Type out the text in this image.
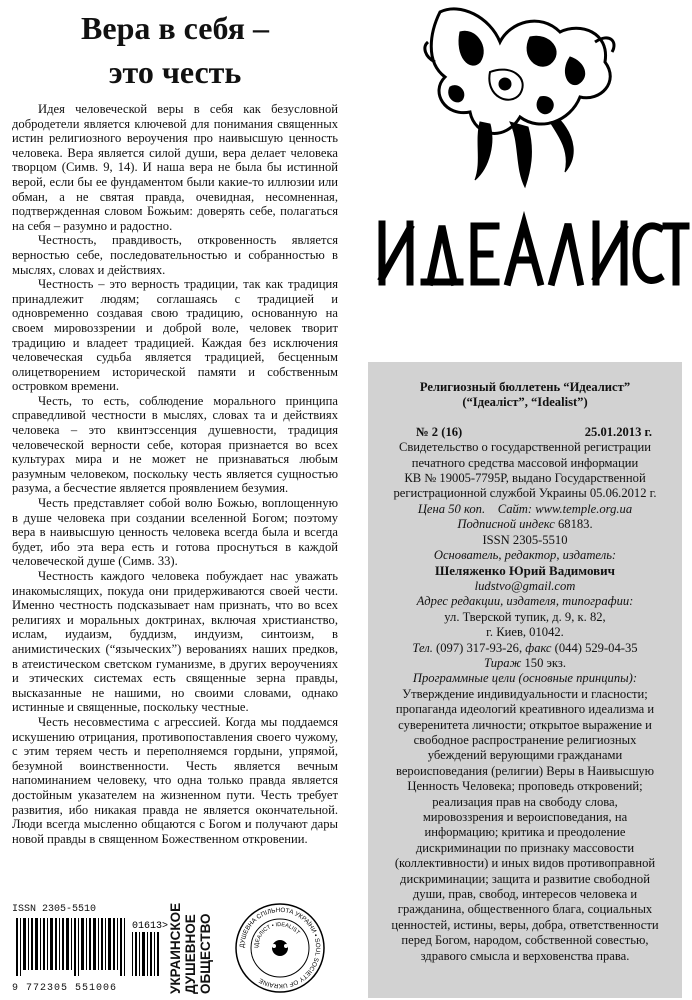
Вера в себя –
это честь

Идея человеческой веры в себя как безусловной добродетели является ключевой для понимания священных истин религиозного вероучения про наивысшую ценность человека. Вера является силой души, вера делает человека творцом (Симв. 9, 14). И наша вера не была бы истинной верой, если бы ее фундаментом были какие-то иллюзии или обман, а не святая правда, очевидная, несомненная, подтвержденная словом Божьим: доверять себе, полагаться на себя – разумно и радостно.

Честность, правдивость, откровенность является верностью себе, последовательностью и собранностью в мыслях, словах и действиях.

Честность – это верность традиции, так как традиция принадлежит людям; соглашаясь с традицией и одновременно создавая свою традицию, основанную на своем мировоззрении и доброй воле, человек творит традицию и владеет традицией. Каждая без исключения человеческая судьба является традицией, бесценным олицетворением исторической памяти и собственным островком времени.

Честь, то есть, соблюдение морального принципа справедливой честности в мыслях, словах та и действиях человека – это квинтэссенция душевности, традиция человеческой верности себе, которая признается во всех культурах мира и не может не признаваться любым разумным человеком, поскольку честь является сущностью разума, а бесчестие является проявлением безумия.

Честь представляет собой волю Божью, воплощенную в душе человека при создании вселенной Богом; поэтому вера в наивысшую ценность человека всегда была и всегда будет, ибо эта вера есть и готова проснуться в каждой человеческой душе (Симв. 33).

Честность каждого человека побуждает нас уважать инакомыслящих, покуда они придерживаются своей чести. Именно честность подсказывает нам признать, что во всех религиях и моральных доктринах, включая христианство, ислам, иудаизм, буддизм, индуизм, синтоизм, в анимистических (“языческих”) верованиях наших предков, в атеистическом светском гуманизме, в других вероучениях и этических системах есть священные зерна правды, высказанные не нашими, но своими словами, однако истинные и священные, поскольку честные.

Честь несовместима с агрессией. Когда мы поддаемся искушению отрицания, противопоставления своего чужому, с этим теряем честь и переполняемся гордыни, упрямой, безумной воинственности. Честь является вечным напоминанием человеку, что одна только правда является достойным указателем на жизненном пути. Честь требует развития, ибо никакая правда не является окончательной. Люди всегда мысленно общаются с Богом и получают дары новой правды в священном Божественном откровении.

ISSN 2305-5510
01613>
9 772305 551006	УКРАИНСКОЕ ДУШЕВНОЕ ОБЩЕСТВО	ДУШЕВНА СПІЛЬНОТА УКРАЇНИ • SOUL SOCIETY OF UKRAINE
ІДЕАЛІСТ • IDEALIST
Религиозный бюллетень “Идеалист”
(“Ідеаліст”, “Idealist”)
№ 2 (16)	25.01.2013 г.
Свидетельство о государственной регистрации
печатного средства массовой информации
КВ № 19005-7795Р, выдано Государственной
регистрационной службой Украины 05.06.2012 г.
Цена 50 коп. Сайт: www.temple.org.ua
Подписной индекс 68183.
ISSN 2305-5510
Основатель, редактор, издатель:
Шеляженко Юрий Вадимович
ludstvo@gmail.com
Адрес редакции, издателя, типографии:
ул. Тверской тупик, д. 9, к. 82,
г. Киев, 01042.
Тел. (097) 317-93-26, факс (044) 529-04-35
Тираж 150 экз.
Программные цели (основные принципы):
Утверждение индивидуальности и гласности;
пропаганда идеологий креативного идеализма и
суверенитета личности; открытое выражение и
свободное распространение религиозных
убеждений верующими гражданами
вероисповедания (религии) Веры в Наивысшую
Ценность Человека; проповедь откровений;
реализация прав на свободу слова,
мировоззрения и вероисповедания, на
информацию; критика и преодоление
дискриминации по признаку массовости
(коллективности) и иных видов противоправной
дискриминации; защита и развитие свободной
души, прав, свобод, интересов человека и
гражданина, общественного блага, социальных
ценностей, истины, веры, добра, ответственности
перед Богом, народом, собственной совестью,
здравого смысла и верховенства права.
